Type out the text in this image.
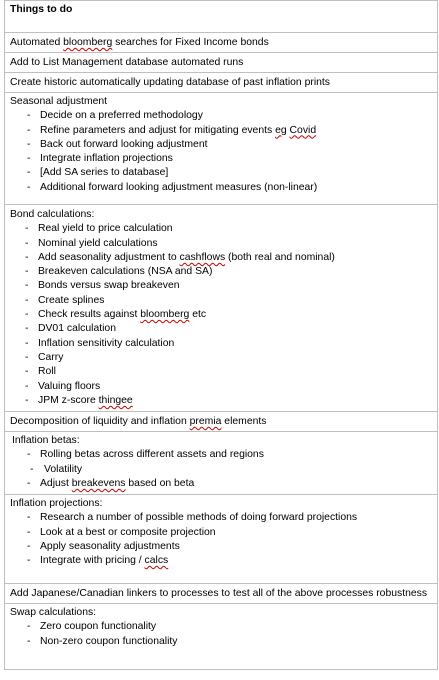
Things to do
Automated bloomberg searches for Fixed Income bonds
Add to List Management database automated runs
Create historic automatically updating database of past inflation prints
Seasonal adjustment
- Decide on a preferred methodology
- Refine parameters and adjust for mitigating events eg Covid
- Back out forward looking adjustment
- Integrate inflation projections
- [Add SA series to database]
- Additional forward looking adjustment measures (non-linear)
Bond calculations:
- Real yield to price calculation
- Nominal yield calculations
- Add seasonality adjustment to cashflows (both real and nominal)
- Breakeven calculations (NSA and SA)
- Bonds versus swap breakeven
- Create splines
- Check results against bloomberg etc
- DV01 calculation
- Inflation sensitivity calculation
- Carry
- Roll
- Valuing floors
- JPM z-score thingee
Decomposition of liquidity and inflation premia elements
Inflation betas:
- Rolling betas across different assets and regions
- Volatility
- Adjust breakevens based on beta
Inflation projections:
- Research a number of possible methods of doing forward projections
- Look at a best or composite projection
- Apply seasonality adjustments
- Integrate with pricing / calcs
Add Japanese/Canadian linkers to processes to test all of the above processes robustness
Swap calculations:
- Zero coupon functionality
- Non-zero coupon functionality
